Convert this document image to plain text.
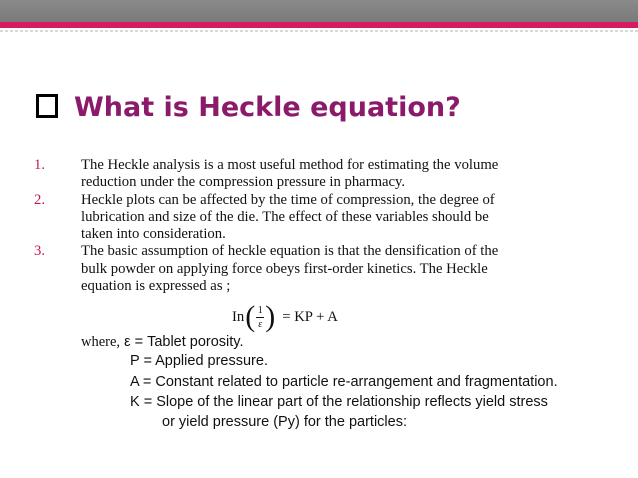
What is Heckle equation?
1. The Heckle analysis is a most useful method for estimating the volume
reduction under the compression pressure in pharmacy.
2. Heckle plots can be affected by the time of compression, the degree of
lubrication and size of the die. The effect of these variables should be
taken into consideration.
3. The basic assumption of heckle equation is that the densification of the
bulk powder on applying force obeys first-order kinetics. The Heckle
equation is expressed as ;
In ( $\frac{1}{\varepsilon}$ ) = KP + A
where, ε = Tablet porosity.
P = Applied pressure.
A = Constant related to particle re-arrangement and fragmentation.
K = Slope of the linear part of the relationship reflects yield stress
or yield pressure (Py) for the particles:
